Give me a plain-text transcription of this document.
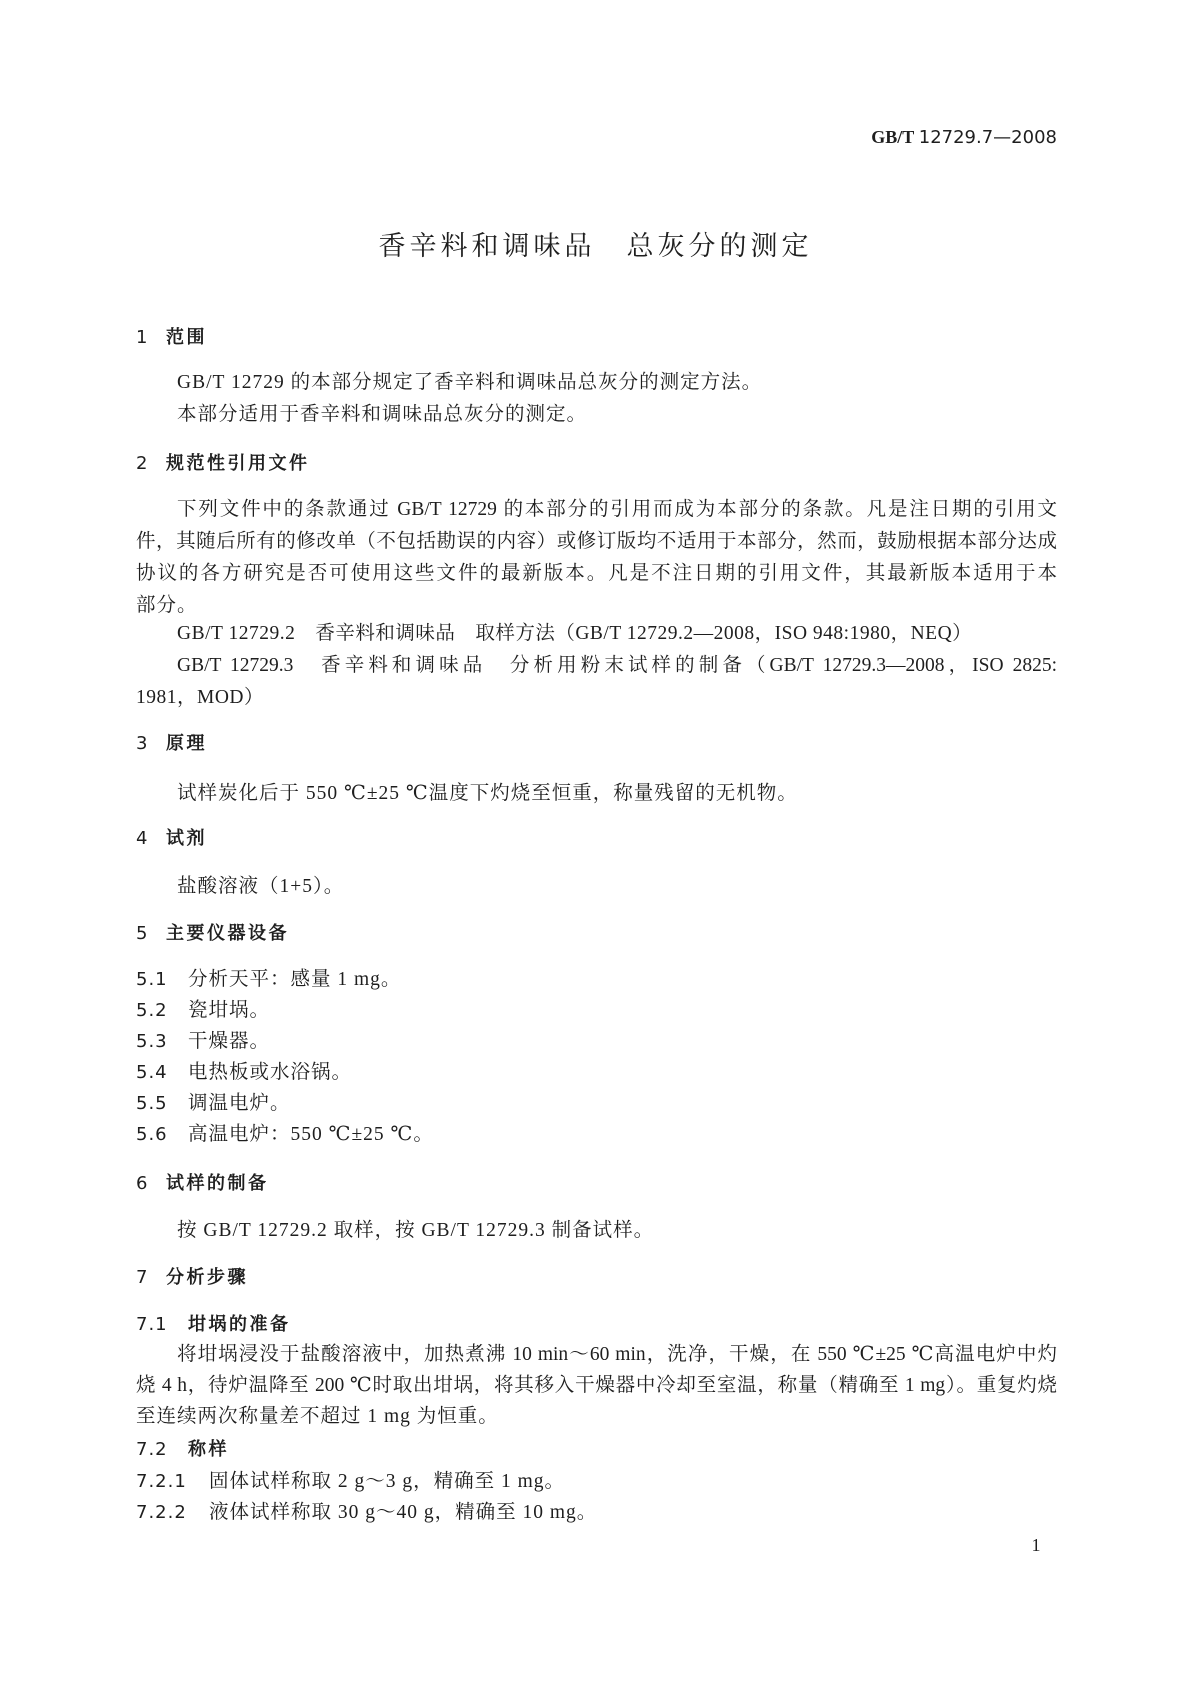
GB/T 12729.7—2008
香辛料和调味品　总灰分的测定
1 范围
GB/T 12729 的本部分规定了香辛料和调味品总灰分的测定方法。
本部分适用于香辛料和调味品总灰分的测定。
2 规范性引用文件
下列文件中的条款通过 GB/T 12729 的本部分的引用而成为本部分的条款。凡是注日期的引用文
件，其随后所有的修改单（不包括勘误的内容）或修订版均不适用于本部分，然而，鼓励根据本部分达成
协议的各方研究是否可使用这些文件的最新版本。凡是不注日期的引用文件，其最新版本适用于本
部分。
GB/T 12729.2　香辛料和调味品　取样方法（GB/T 12729.2—2008，ISO 948:1980，NEQ）
GB/T 12729.3　香辛料和调味品　分析用粉末试样的制备（GB/T 12729.3—2008，ISO 2825:
1981，MOD）
3 原理
试样炭化后于 550 ℃±25 ℃温度下灼烧至恒重，称量残留的无机物。
4 试剂
盐酸溶液（1+5）。
5 主要仪器设备
5.1 分析天平：感量 1 mg。
5.2 瓷坩埚。
5.3 干燥器。
5.4 电热板或水浴锅。
5.5 调温电炉。
5.6 高温电炉：550 ℃±25 ℃。
6 试样的制备
按 GB/T 12729.2 取样，按 GB/T 12729.3 制备试样。
7 分析步骤
7.1 坩埚的准备
将坩埚浸没于盐酸溶液中，加热煮沸 10 min～60 min，洗净，干燥，在 550 ℃±25 ℃高温电炉中灼
烧 4 h，待炉温降至 200 ℃时取出坩埚，将其移入干燥器中冷却至室温，称量（精确至 1 mg）。重复灼烧
至连续两次称量差不超过 1 mg 为恒重。
7.2 称样
7.2.1 固体试样称取 2 g～3 g，精确至 1 mg。
7.2.2 液体试样称取 30 g～40 g，精确至 10 mg。
1
